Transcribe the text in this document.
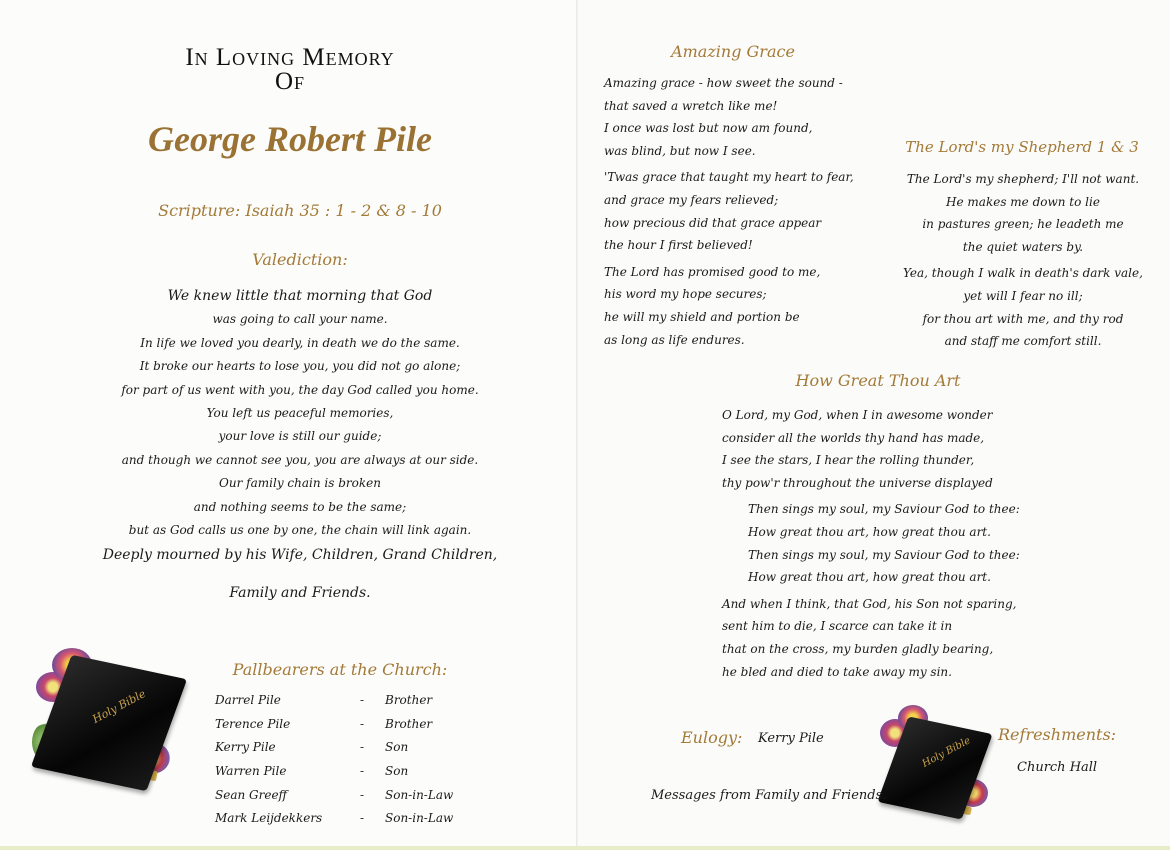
In Loving Memory
Of
George Robert Pile
Scripture: Isaiah 35 : 1 - 2 & 8 - 10
Valediction:
We knew little that morning that God
was going to call your name.
In life we loved you dearly, in death we do the same.
It broke our hearts to lose you, you did not go alone;
for part of us went with you, the day God called you home.
You left us peaceful memories,
your love is still our guide;
and though we cannot see you, you are always at our side.
Our family chain is broken
and nothing seems to be the same;
but as God calls us one by one, the chain will link again.
Deeply mourned by his Wife, Children, Grand Children,
Family and Friends.
Holy Bible
Pallbearers at the Church:
Darrel Pile	-	Brother
Terence Pile	-	Brother
Kerry Pile	-	Son
Warren Pile	-	Son
Sean Greeff	-	Son-in-Law
Mark Leijdekkers	-	Son-in-Law
Amazing Grace
Amazing grace - how sweet the sound -
that saved a wretch like me!
I once was lost but now am found,
was blind, but now I see.
'Twas grace that taught my heart to fear,
and grace my fears relieved;
how precious did that grace appear
the hour I first believed!
The Lord has promised good to me,
his word my hope secures;
he will my shield and portion be
as long as life endures.
The Lord's my Shepherd 1 & 3
The Lord's my shepherd; I'll not want.
He makes me down to lie
in pastures green; he leadeth me
the quiet waters by.
Yea, though I walk in death's dark vale,
yet will I fear no ill;
for thou art with me, and thy rod
and staff me comfort still.
How Great Thou Art
O Lord, my God, when I in awesome wonder
consider all the worlds thy hand has made,
I see the stars, I hear the rolling thunder,
thy pow'r throughout the universe displayed
Then sings my soul, my Saviour God to thee:
How great thou art, how great thou art.
Then sings my soul, my Saviour God to thee:
How great thou art, how great thou art.
And when I think, that God, his Son not sparing,
sent him to die, I scarce can take it in
that on the cross, my burden gladly bearing,
he bled and died to take away my sin.
Holy Bible
Eulogy: Kerry Pile
Messages from Family and Friends.
Refreshments:
Church Hall
